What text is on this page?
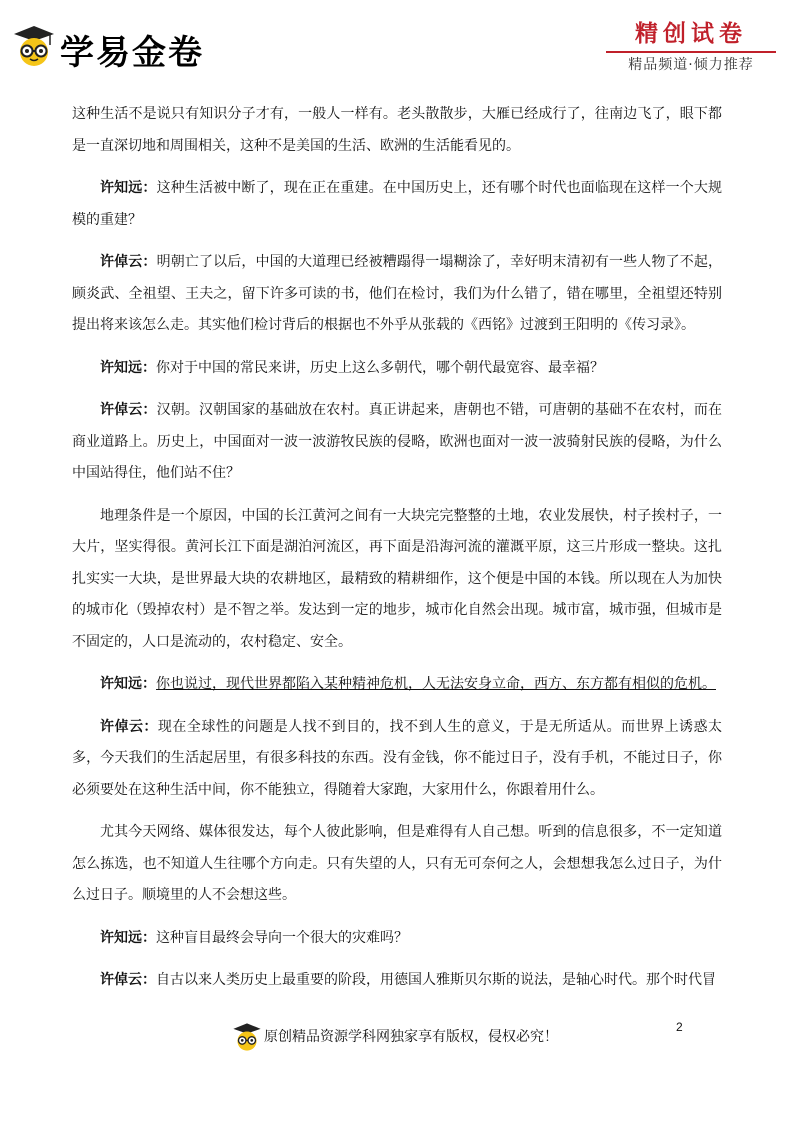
学易金卷	精创试卷
精品频道·倾力推荐

这种生活不是说只有知识分子才有，一般人一样有。老头散散步，大雁已经成行了，往南边飞了，眼下都是一直深切地和周围相关，这种不是美国的生活、欧洲的生活能看见的。

许知远：这种生活被中断了，现在正在重建。在中国历史上，还有哪个时代也面临现在这样一个大规模的重建？

许倬云：明朝亡了以后，中国的大道理已经被糟蹋得一塌糊涂了，幸好明末清初有一些人物了不起，顾炎武、全祖望、王夫之，留下许多可读的书，他们在检讨，我们为什么错了，错在哪里，全祖望还特别提出将来该怎么走。其实他们检讨背后的根据也不外乎从张载的《西铭》过渡到王阳明的《传习录》。

许知远：你对于中国的常民来讲，历史上这么多朝代，哪个朝代最宽容、最幸福？

许倬云：汉朝。汉朝国家的基础放在农村。真正讲起来，唐朝也不错，可唐朝的基础不在农村，而在商业道路上。历史上，中国面对一波一波游牧民族的侵略，欧洲也面对一波一波骑射民族的侵略，为什么中国站得住，他们站不住？

地理条件是一个原因，中国的长江黄河之间有一大块完完整整的土地，农业发展快，村子挨村子，一大片，坚实得很。黄河长江下面是湖泊河流区，再下面是沿海河流的灌溉平原，这三片形成一整块。这扎扎实实一大块，是世界最大块的农耕地区，最精致的精耕细作，这个便是中国的本钱。所以现在人为加快的城市化（毁掉农村）是不智之举。发达到一定的地步，城市化自然会出现。城市富，城市强，但城市是不固定的，人口是流动的，农村稳定、安全。

许知远：你也说过，现代世界都陷入某种精神危机，人无法安身立命，西方、东方都有相似的危机。

许倬云：现在全球性的问题是人找不到目的，找不到人生的意义，于是无所适从。而世界上诱惑太多，今天我们的生活起居里，有很多科技的东西。没有金钱，你不能过日子，没有手机，不能过日子，你必须要处在这种生活中间，你不能独立，得随着大家跑，大家用什么，你跟着用什么。

尤其今天网络、媒体很发达，每个人彼此影响，但是难得有人自己想。听到的信息很多，不一定知道怎么拣选，也不知道人生往哪个方向走。只有失望的人，只有无可奈何之人，会想想我怎么过日子，为什么过日子。顺境里的人不会想这些。

许知远：这种盲目最终会导向一个很大的灾难吗？

许倬云：自古以来人类历史上最重要的阶段，用德国人雅斯贝尔斯的说法，是轴心时代。那个时代冒

原创精品资源学科网独家享有版权，侵权必究！
2
